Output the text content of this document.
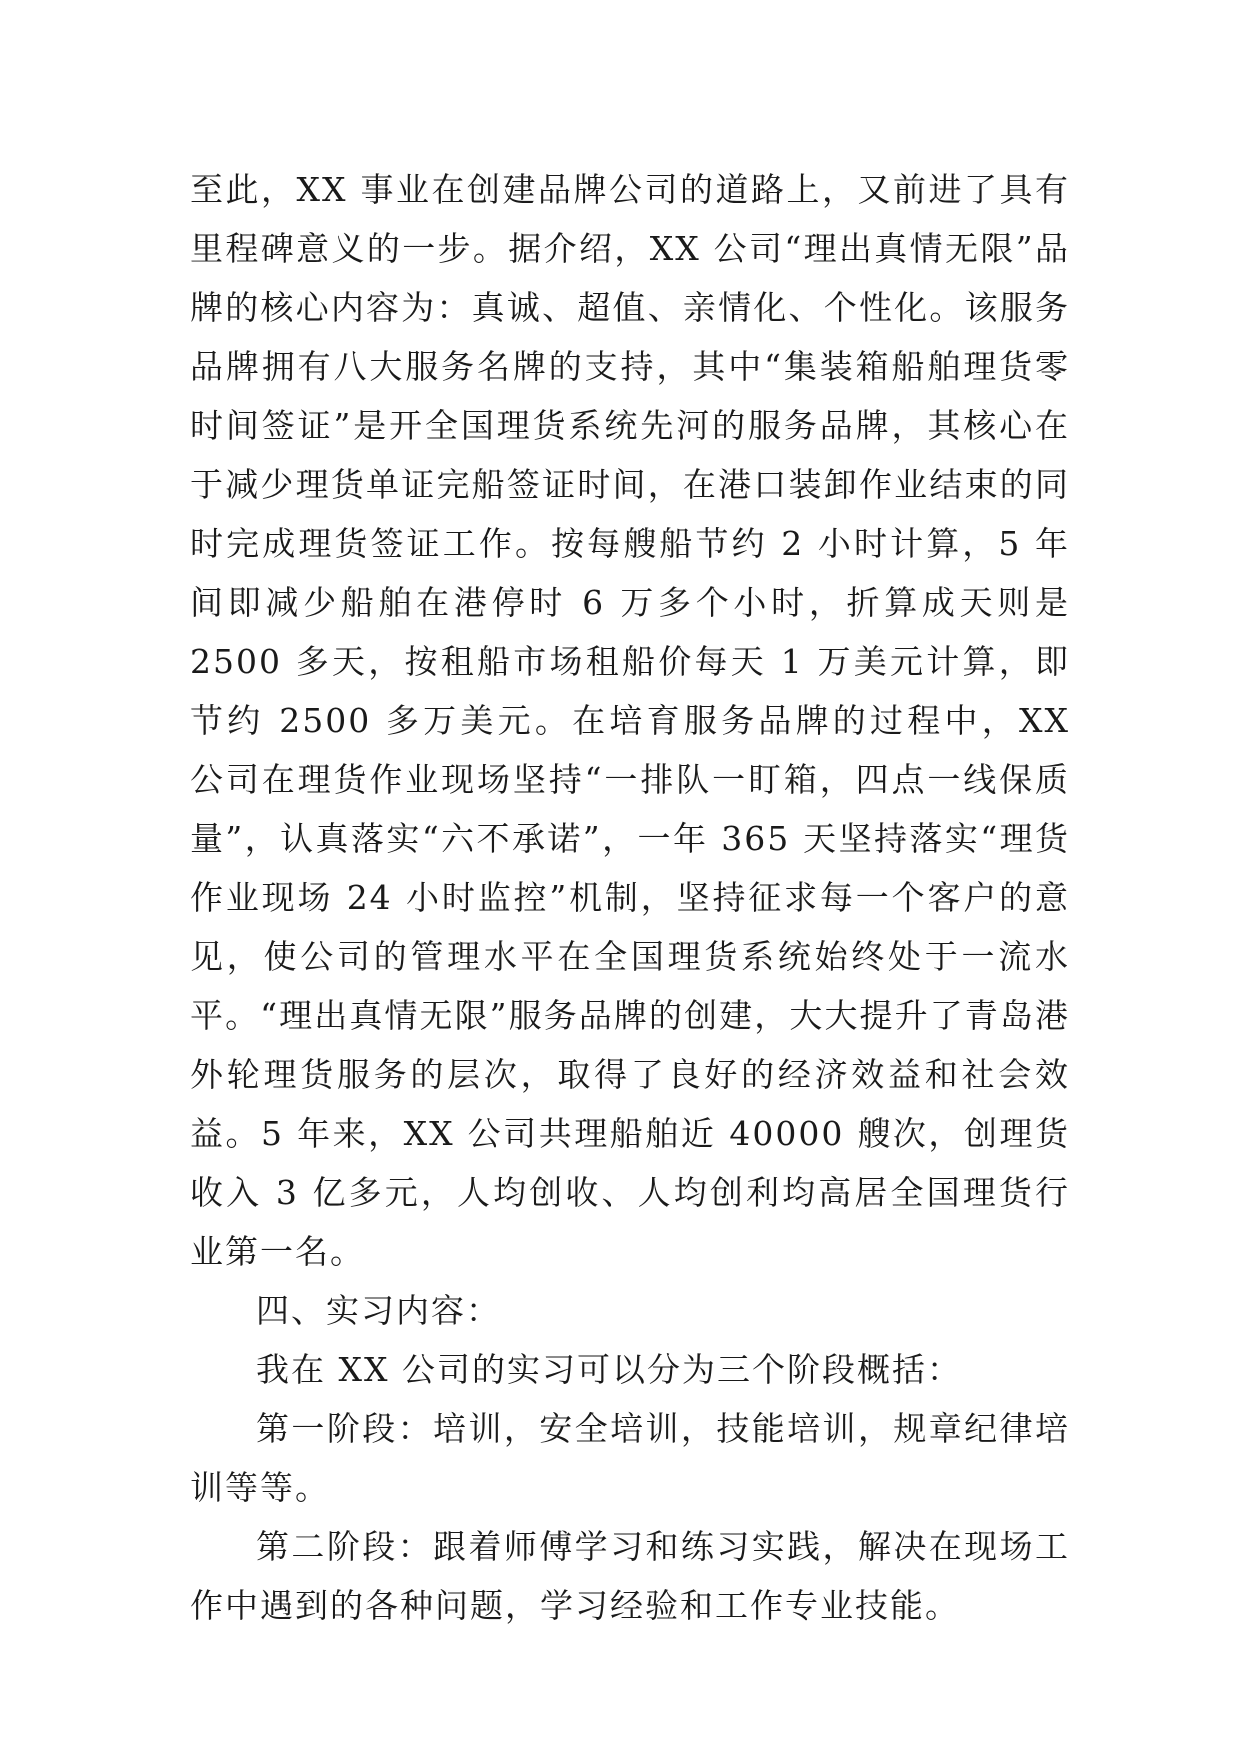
至此，XX 事业在创建品牌公司的道路上，又前进了具有里程碑意义的一步。据介绍，XX 公司“理出真情无限”品牌的核心内容为：真诚、超值、亲情化、个性化。该服务品牌拥有八大服务名牌的支持，其中“集装箱船舶理货零时间签证”是开全国理货系统先河的服务品牌，其核心在于减少理货单证完船签证时间，在港口装卸作业结束的同时完成理货签证工作。按每艘船节约 2 小时计算，5 年间即减少船舶在港停时 6 万多个小时，折算成天则是 2500 多天，按租船市场租船价每天 1 万美元计算，即节约 2500 多万美元。在培育服务品牌的过程中，XX 公司在理货作业现场坚持“一排队一盯箱，四点一线保质量”，认真落实“六不承诺”，一年 365 天坚持落实“理货作业现场 24 小时监控”机制，坚持征求每一个客户的意见，使公司的管理水平在全国理货系统始终处于一流水平。“理出真情无限”服务品牌的创建，大大提升了青岛港外轮理货服务的层次，取得了良好的经济效益和社会效益。5 年来，XX 公司共理船舶近 40000 艘次，创理货收入 3 亿多元，人均创收、人均创利均高居全国理货行业第一名。

四、实习内容：

我在 XX 公司的实习可以分为三个阶段概括：

第一阶段：培训，安全培训，技能培训，规章纪律培训等等。

第二阶段：跟着师傅学习和练习实践，解决在现场工作中遇到的各种问题，学习经验和工作专业技能。
